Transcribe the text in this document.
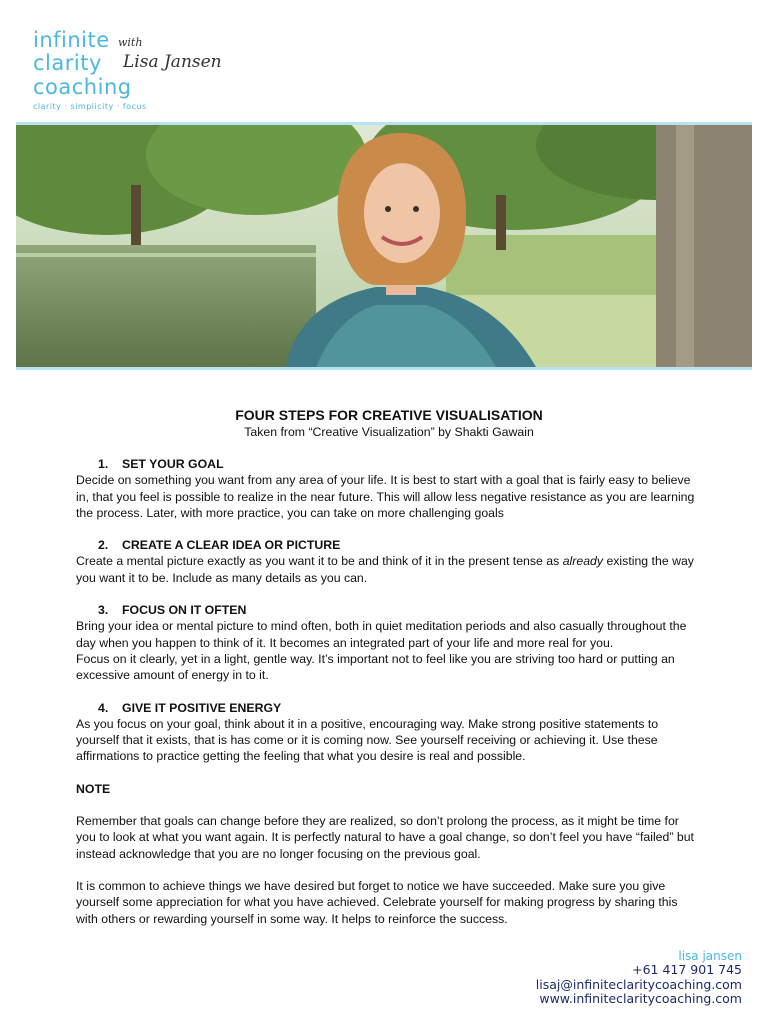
infinite
clarity
coaching
clarity · simplicity · focus
with
Lisa Jansen

FOUR STEPS FOR CREATIVE VISUALISATION

Taken from “Creative Visualization” by Shakti Gawain

1. SET YOUR GOAL

Decide on something you want from any area of your life. It is best to start with a goal that is fairly easy to believe in, that you feel is possible to realize in the near future. This will allow less negative resistance as you are learning the process. Later, with more practice, you can take on more challenging goals

2. CREATE A CLEAR IDEA OR PICTURE

Create a mental picture exactly as you want it to be and think of it in the present tense as already existing the way you want it to be. Include as many details as you can.

3. FOCUS ON IT OFTEN

Bring your idea or mental picture to mind often, both in quiet meditation periods and also casually throughout the day when you happen to think of it. It becomes an integrated part of your life and more real for you.

Focus on it clearly, yet in a light, gentle way. It’s important not to feel like you are striving too hard or putting an excessive amount of energy in to it.

4. GIVE IT POSITIVE ENERGY

As you focus on your goal, think about it in a positive, encouraging way. Make strong positive statements to yourself that it exists, that is has come or it is coming now. See yourself receiving or achieving it. Use these affirmations to practice getting the feeling that what you desire is real and possible.

NOTE

Remember that goals can change before they are realized, so don’t prolong the process, as it might be time for you to look at what you want again. It is perfectly natural to have a goal change, so don’t feel you have “failed” but instead acknowledge that you are no longer focusing on the previous goal.

It is common to achieve things we have desired but forget to notice we have succeeded. Make sure you give yourself some appreciation for what you have achieved. Celebrate yourself for making progress by sharing this with others or rewarding yourself in some way. It helps to reinforce the success.

lisa jansen
+61 417 901 745
lisaj@infiniteclaritycoaching.com
www.infiniteclaritycoaching.com
